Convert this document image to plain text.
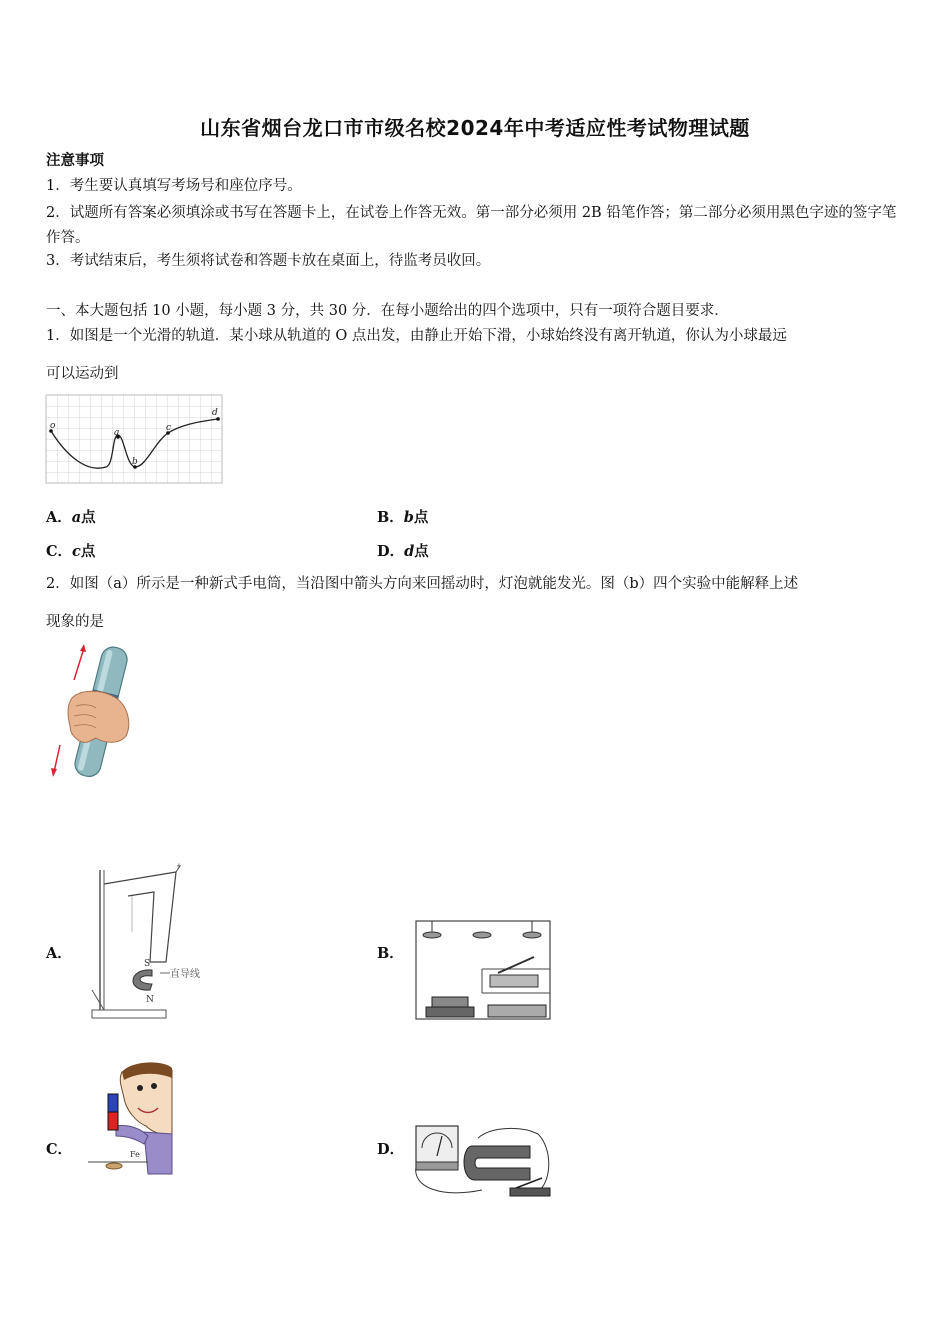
山东省烟台龙口市市级名校2024年中考适应性考试物理试题
注意事项
1．考生要认真填写考场号和座位序号。
2．试题所有答案必须填涂或书写在答题卡上，在试卷上作答无效。第一部分必须用 2B 铅笔作答；第二部分必须用黑色字迹的签字笔作答。
3．考试结束后，考生须将试卷和答题卡放在桌面上，待监考员收回。
一、本大题包括 10 小题，每小题 3 分，共 30 分．在每小题给出的四个选项中，只有一项符合题目要求．
1．如图是一个光滑的轨道．某小球从轨道的 O 点出发，由静止开始下滑，小球始终没有离开轨道，你认为小球最远
可以运动到
o
a
b
c
d
A．a点	B．b点
C．c点	D．d点
2．如图（a）所示是一种新式手电筒，当沿图中箭头方向来回摇动时，灯泡就能发光。图（b）四个实验中能解释上述
现象的是
A．
+
S
N
直导线
B．
C．	Fe	D．
